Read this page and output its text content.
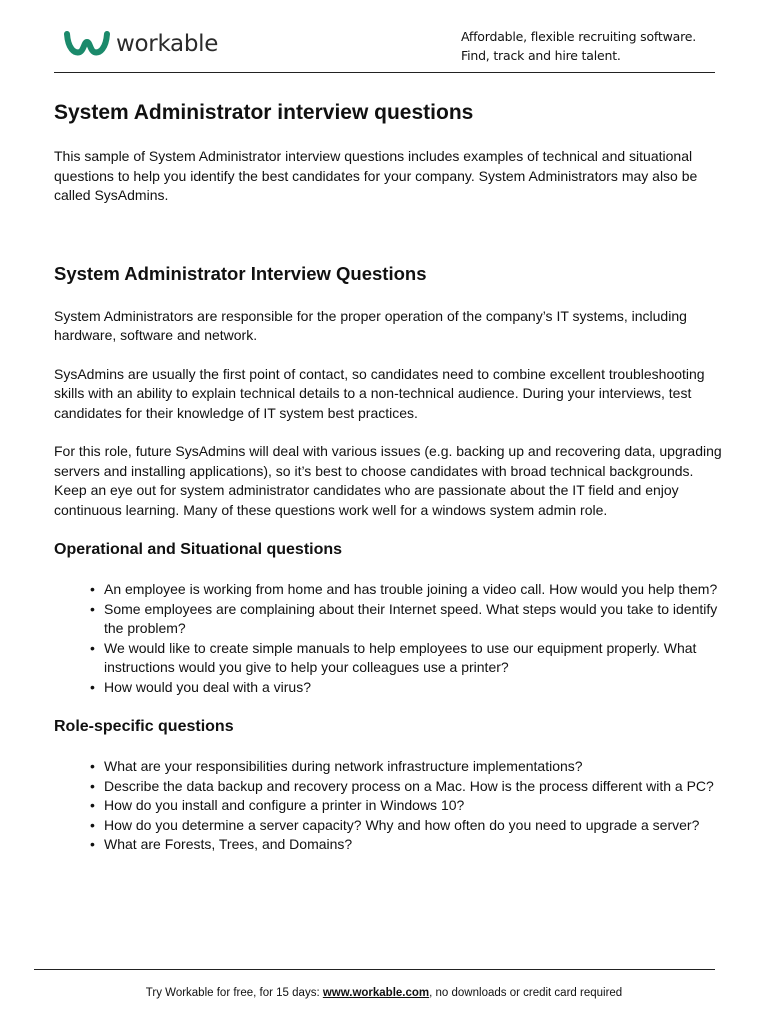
workable	Affordable, flexible recruiting software.
Find, track and hire talent.
System Administrator interview questions

This sample of System Administrator interview questions includes examples of technical and situational questions to help you identify the best candidates for your company. System Administrators may also be called SysAdmins.

System Administrator Interview Questions

System Administrators are responsible for the proper operation of the company’s IT systems, including hardware, software and network.

SysAdmins are usually the first point of contact, so candidates need to combine excellent troubleshooting skills with an ability to explain technical details to a non-technical audience. During your interviews, test candidates for their knowledge of IT system best practices.

For this role, future SysAdmins will deal with various issues (e.g. backing up and recovering data, upgrading servers and installing applications), so it’s best to choose candidates with broad technical backgrounds. Keep an eye out for system administrator candidates who are passionate about the IT field and enjoy continuous learning. Many of these questions work well for a windows system admin role.

Operational and Situational questions
• An employee is working from home and has trouble joining a video call. How would you help them?
• Some employees are complaining about their Internet speed. What steps would you take to identify the problem?
• We would like to create simple manuals to help employees to use our equipment properly. What instructions would you give to help your colleagues use a printer?
• How would you deal with a virus?
Role-specific questions
• What are your responsibilities during network infrastructure implementations?
• Describe the data backup and recovery process on a Mac. How is the process different with a PC?
• How do you install and configure a printer in Windows 10?
• How do you determine a server capacity? Why and how often do you need to upgrade a server?
• What are Forests, Trees, and Domains?
Try Workable for free, for 15 days: www.workable.com, no downloads or credit card required
